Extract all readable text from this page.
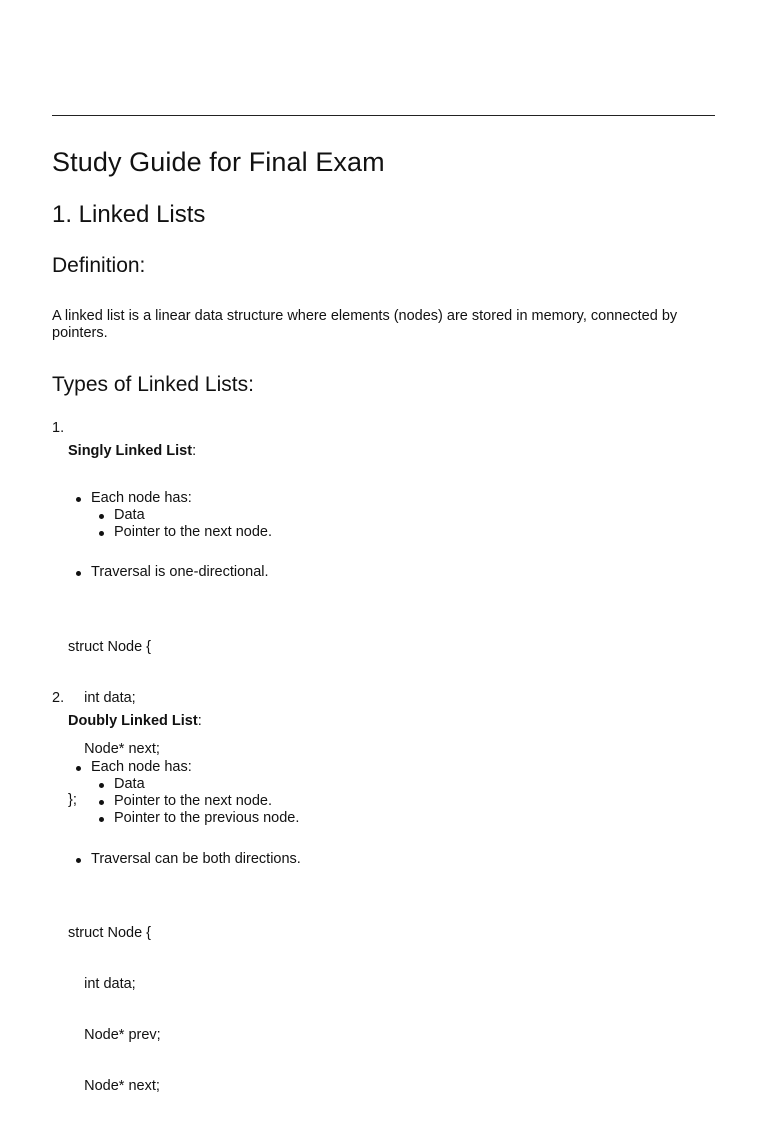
Study Guide for Final Exam
1. Linked Lists
Definition:

A linked list is a linear data structure where elements (nodes) are stored in memory, connected by pointers.

Types of Linked Lists:
1.
Singly Linked List:
Each node has:
Data
Pointer to the next node.
Traversal is one-directional.

struct Node {

int data;

Node* next;

};

2.
Doubly Linked List:
Each node has:
Data
Pointer to the next node.
Pointer to the previous node.
Traversal can be both directions.

struct Node {

int data;

Node* prev;

Node* next;
